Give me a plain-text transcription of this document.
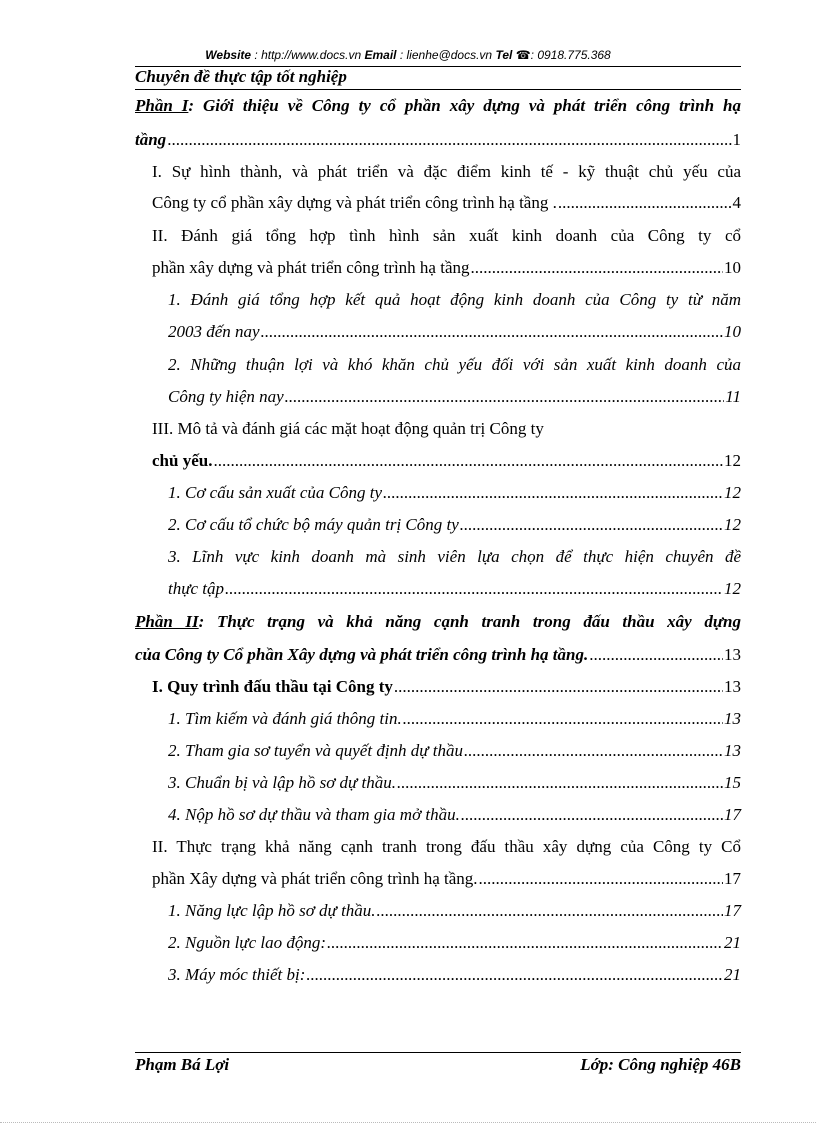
Website : http://www.docs.vn Email : lienhe@docs.vn Tel ☎: 0918.775.368
Chuyên đề thực tập tốt nghiệp
Phần I: Giới thiệu về Công ty cổ phần xây dựng và phát triển công trình hạ
tầng .....	1
I. Sự hình thành, và phát triển và đặc điểm kinh tế - kỹ thuật chủ yếu của
Công ty cổ phần xây dựng và phát triển công trình hạ tầng . .....	4
II. Đánh giá tổng hợp tình hình sản xuất kinh doanh của Công ty cổ
phần xây dựng và phát triển công trình hạ tầng .....	10
1. Đánh giá tổng hợp kết quả hoạt động kinh doanh của Công ty từ năm
2003 đến nay .....	10
2. Những thuận lợi và khó khăn chủ yếu đối với sản xuất kinh doanh của
Công ty hiện nay .....	11
III. Mô tả và đánh giá các mặt hoạt động quản trị Công ty
chủ yếu. .....	12
1. Cơ cấu sản xuất của Công ty .....	12
2. Cơ cấu tổ chức bộ máy quản trị Công ty .....	12
3. Lĩnh vực kinh doanh mà sinh viên lựa chọn để thực hiện chuyên đề
thực tập .....	12
Phần II: Thực trạng và khả năng cạnh tranh trong đấu thầu xây dựng
của Công ty Cổ phần Xây dựng và phát triển công trình hạ tầng. .....	13
I. Quy trình đấu thầu tại Công ty .....	13
1. Tìm kiếm và đánh giá thông tin. .....	13
2. Tham gia sơ tuyển và quyết định dự thầu .....	13
3. Chuẩn bị và lập hồ sơ dự thầu. .....	15
4. Nộp hồ sơ dự thầu và tham gia mở thầu. .....	17
II. Thực trạng khả năng cạnh tranh trong đấu thầu xây dựng của Công ty Cổ
phần Xây dựng và phát triển công trình hạ tầng. .....	17
1. Năng lực lập hồ sơ dự thầu. .....	17
2. Nguồn lực lao động: .....	21
3. Máy móc thiết bị: .....	21
Phạm Bá Lợi	Lớp: Công nghiệp 46B
